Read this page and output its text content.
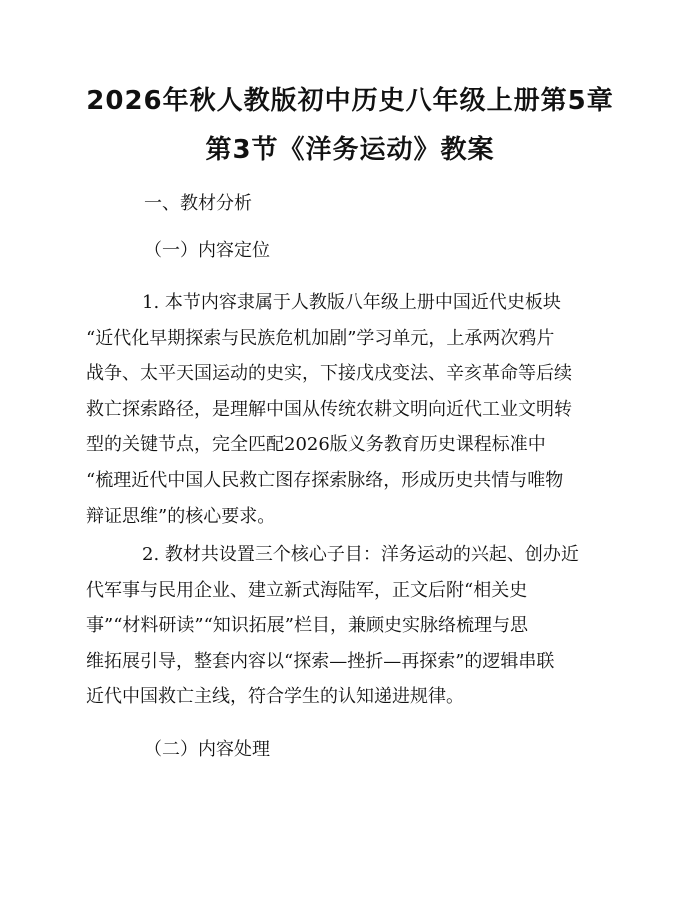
2026年秋人教版初中历史八年级上册第5章
第3节《洋务运动》教案
一、教材分析
（一）内容定位
1. 本节内容隶属于人教版八年级上册中国近代史板块
“近代化早期探索与民族危机加剧”学习单元，上承两次鸦片
战争、太平天国运动的史实，下接戊戌变法、辛亥革命等后续
救亡探索路径，是理解中国从传统农耕文明向近代工业文明转
型的关键节点，完全匹配2026版义务教育历史课程标准中
“梳理近代中国人民救亡图存探索脉络，形成历史共情与唯物
辩证思维”的核心要求。
2. 教材共设置三个核心子目：洋务运动的兴起、创办近
代军事与民用企业、建立新式海陆军，正文后附“相关史
事”“材料研读”“知识拓展”栏目，兼顾史实脉络梳理与思
维拓展引导，整套内容以“探索—挫折—再探索”的逻辑串联
近代中国救亡主线，符合学生的认知递进规律。
（二）内容处理
